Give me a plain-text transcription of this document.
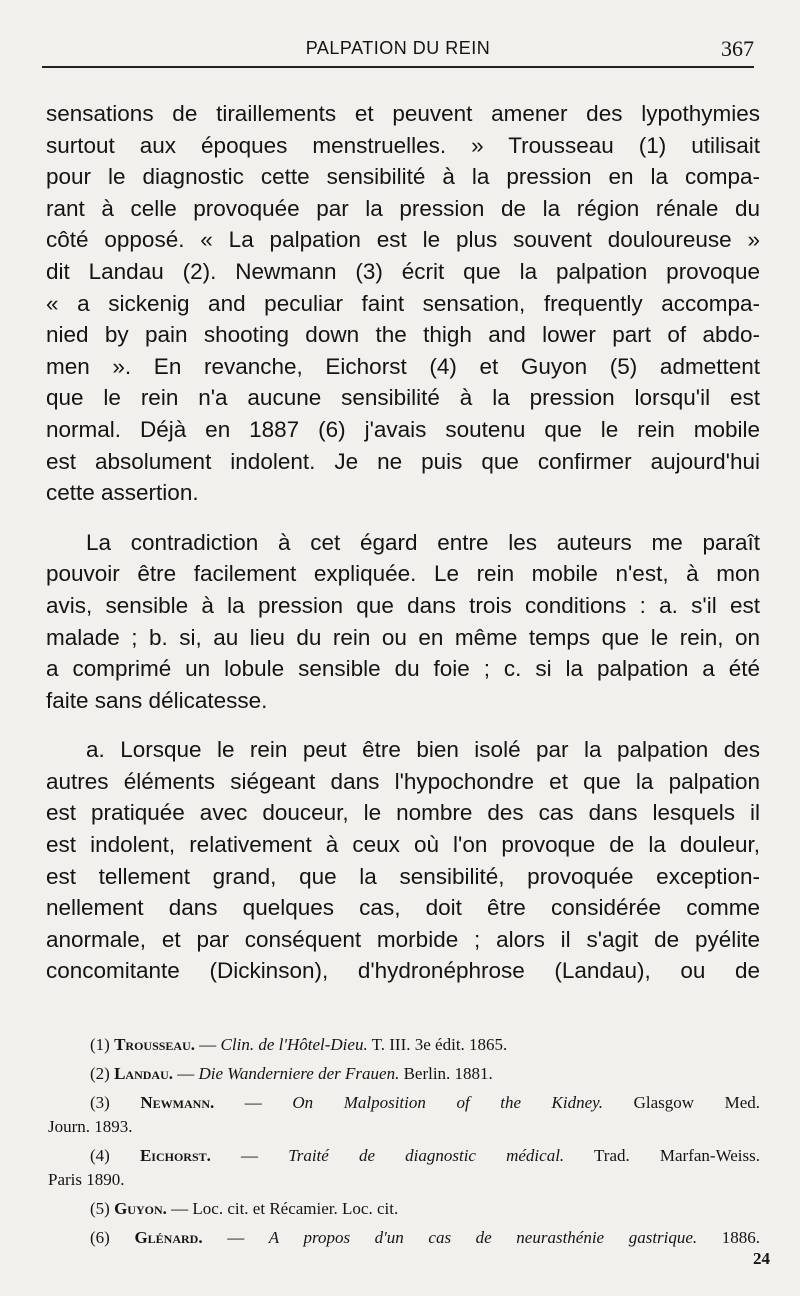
PALPATION DU REIN	367
sensations de tiraillements et peuvent amener des lypothymies
surtout aux époques menstruelles. » Trousseau (1) utilisait
pour le diagnostic cette sensibilité à la pression en la compa-
rant à celle provoquée par la pression de la région rénale du
côté opposé. « La palpation est le plus souvent douloureuse »
dit Landau (2). Newmann (3) écrit que la palpation provoque
« a sickenig and peculiar faint sensation, frequently accompa-
nied by pain shooting down the thigh and lower part of abdo-
men ». En revanche, Eichorst (4) et Guyon (5) admettent
que le rein n'a aucune sensibilité à la pression lorsqu'il est
normal. Déjà en 1887 (6) j'avais soutenu que le rein mobile
est absolument indolent. Je ne puis que confirmer aujourd'hui
cette assertion.
La contradiction à cet égard entre les auteurs me paraît
pouvoir être facilement expliquée. Le rein mobile n'est, à mon
avis, sensible à la pression que dans trois conditions : a. s'il est
malade ; b. si, au lieu du rein ou en même temps que le rein, on
a comprimé un lobule sensible du foie ; c. si la palpation a été
faite sans délicatesse.
a. Lorsque le rein peut être bien isolé par la palpation des
autres éléments siégeant dans l'hypochondre et que la palpation
est pratiquée avec douceur, le nombre des cas dans lesquels il
est indolent, relativement à ceux où l'on provoque de la douleur,
est tellement grand, que la sensibilité, provoquée exception-
nellement dans quelques cas, doit être considérée comme
anormale, et par conséquent morbide ; alors il s'agit de pyélite
concomitante (Dickinson), d'hydronéphrose (Landau), ou de
(1) Trousseau. — Clin. de l'Hôtel-Dieu. T. III. 3e édit. 1865.
(2) Landau. — Die Wanderniere der Frauen. Berlin. 1881.
(3) Newmann. — On Malposition of the Kidney. Glasgow Med.
Journ. 1893.
(4) Eichorst. — Traité de diagnostic médical. Trad. Marfan-Weiss.
Paris 1890.
(5) Guyon. — Loc. cit. et Récamier. Loc. cit.
(6) Glénard. — A propos d'un cas de neurasthénie gastrique. 1886.
24
